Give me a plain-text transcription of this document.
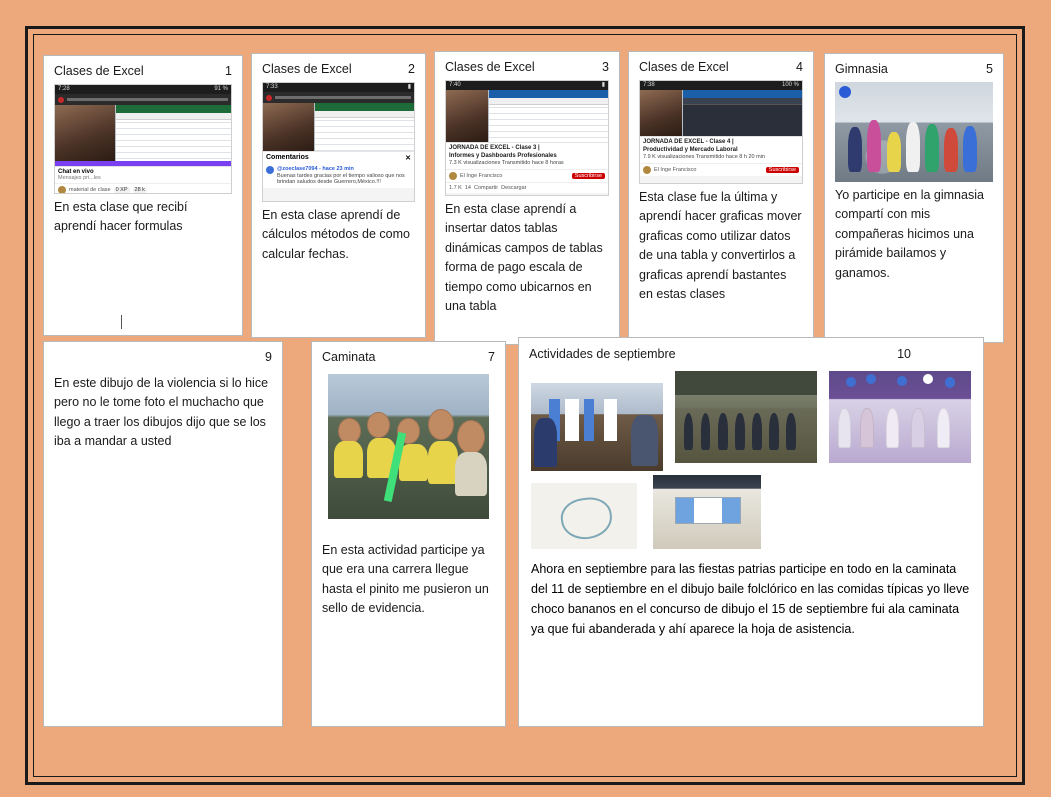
Clases de Excel	1
7:28	91 %
Chat en vivo
Mensajes pri...les
material de clase 0 XP	28 k
En esta clase que recibí aprendí hacer formulas
Clases de Excel	2
7:33	▮
Comentarios	✕
@zoeclase7094 - hace 23 min
Buenas tardes gracias por el tiempo valioso que nos brindan saludos desde Guerrero,México.!!!
En esta clase aprendí de cálculos métodos de como calcular fechas.
Clases de Excel	3
7:40	▮
JORNADA DE EXCEL - Clase 3 |
Informes y Dashboards Profesionales
7.3 K visualizaciones Transmitido hace 8 horas
El Inge Francisco	Suscribirse
1.7 K 14 Compartir Descargar
En esta clase aprendí a insertar datos tablas dinámicas campos de tablas forma de pago escala de tiempo como ubicarnos en una tabla
Clases de Excel	4
7:38	100 %
JORNADA DE EXCEL - Clase 4 |
Productividad y Mercado Laboral
7.9 K visualizaciones Transmitido hace 8 h 20 min
El Inge Francisco	Suscribirse
Esta clase fue la última y aprendí hacer graficas mover graficas como utilizar datos de una tabla y convertirlos a graficas aprendí bastantes en estas clases
Gimnasia	5
Yo participe en la gimnasia compartí con mis compañeras hicimos una pirámide bailamos y ganamos.
9
En este dibujo de la violencia si lo hice pero no le tome foto el muchacho que llego a traer los dibujos dijo que se los iba a mandar a usted
Caminata	7
En esta actividad participe ya que era una carrera llegue hasta el pinito me pusieron un sello de evidencia.
Actividades de septiembre	10
Ahora en septiembre para las fiestas patrias participe en todo en la caminata del 11 de septiembre en el dibujo baile folclórico en las comidas típicas yo lleve choco bananos en el concurso de dibujo el 15 de septiembre fui ala caminata ya que fui abanderada y ahí aparece la hoja de asistencia.
